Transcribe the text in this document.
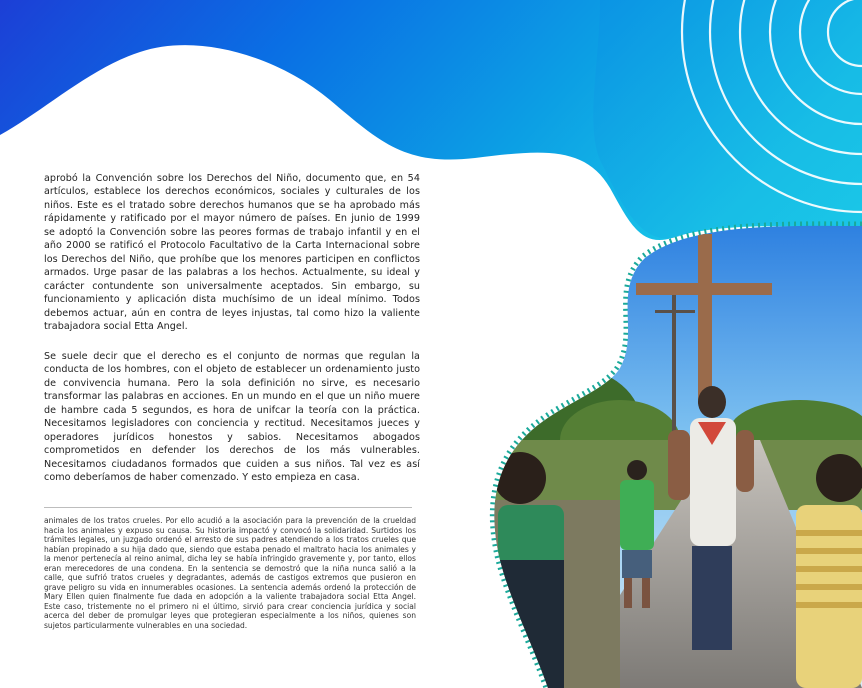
aprobó la Convención sobre los Derechos del Niño, documento que, en 54 artículos, establece los derechos económicos, sociales y culturales de los niños. Este es el tratado sobre derechos humanos que se ha aprobado más rápidamente y ratificado por el mayor número de países. En junio de 1999 se adoptó la Convención sobre las peores formas de trabajo infantil y en el año 2000 se ratificó el Protocolo Facultativo de la Carta Internacional sobre los Derechos del Niño, que prohíbe que los menores participen en conflictos armados. Urge pasar de las palabras a los hechos. Actualmente, su ideal y carácter contundente son universalmente aceptados. Sin embargo, su funcionamiento y aplicación dista muchísimo de un ideal mínimo. Todos debemos actuar, aún en contra de leyes injustas, tal como hizo la valiente trabajadora social Etta Angel.

Se suele decir que el derecho es el conjunto de normas que regulan la conducta de los hombres, con el objeto de establecer un ordenamiento justo de convivencia humana. Pero la sola definición no sirve, es necesario transformar las palabras en acciones. En un mundo en el que un niño muere de hambre cada 5 segundos, es hora de unifcar la teoría con la práctica. Necesitamos legisladores con conciencia y rectitud. Necesitamos jueces y operadores jurídicos honestos y sabios. Necesitamos abogados comprometidos en defender los derechos de los más vulnerables. Necesitamos ciudadanos formados que cuiden a sus niños. Tal vez es así como deberíamos de haber comenzado. Y esto empieza en casa.

animales de los tratos crueles. Por ello acudió a la asociación para la prevención de la crueldad hacia los animales y expuso su causa. Su historia impactó y convocó la solidaridad. Surtidos los trámites legales, un juzgado ordenó el arresto de sus padres atendiendo a los tratos crueles que habían propinado a su hija dado que, siendo que estaba penado el maltrato hacia los animales y la menor pertenecía al reino animal, dicha ley se había infringido gravemente y, por tanto, ellos eran merecedores de una condena. En la sentencia se demostró que la niña nunca salió a la calle, que sufrió tratos crueles y degradantes, además de castigos extremos que pusieron en grave peligro su vida en innumerables ocasiones. La sentencia además ordenó la protección de Mary Ellen quien finalmente fue dada en adopción a la valiente trabajadora social Etta Angel. Este caso, tristemente no el primero ni el último, sirvió para crear conciencia jurídica y social acerca del deber de promulgar leyes que protegieran especialmente a los niños, quienes son sujetos particularmente vulnerables en una sociedad.
